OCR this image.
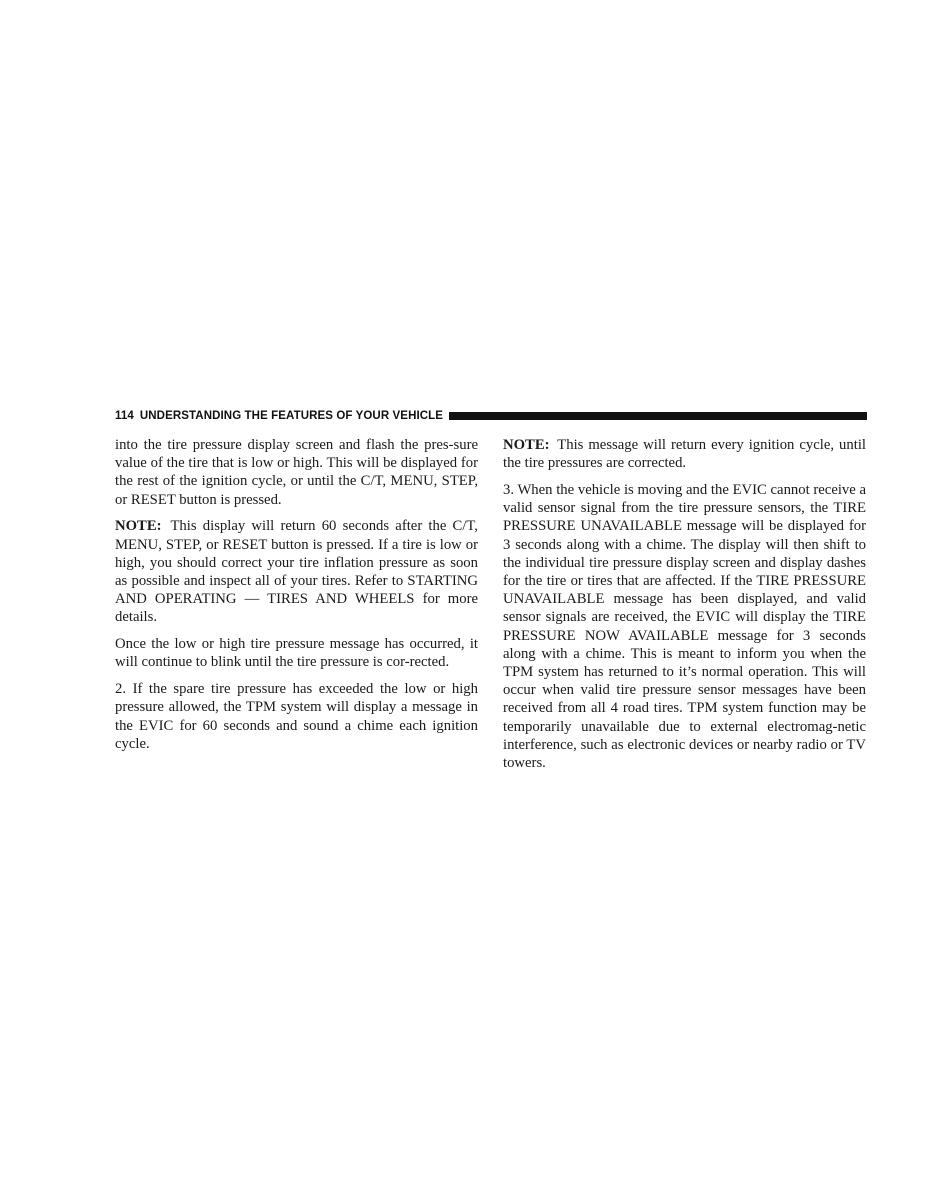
114 UNDERSTANDING THE FEATURES OF YOUR VEHICLE

into the tire pressure display screen and flash the pres-sure value of the tire that is low or high. This will be displayed for the rest of the ignition cycle, or until the C/T, MENU, STEP, or RESET button is pressed.

NOTE: This display will return 60 seconds after the C/T, MENU, STEP, or RESET button is pressed. If a tire is low or high, you should correct your tire inflation pressure as soon as possible and inspect all of your tires. Refer to STARTING AND OPERATING — TIRES AND WHEELS for more details.

Once the low or high tire pressure message has occurred, it will continue to blink until the tire pressure is cor-rected.

2. If the spare tire pressure has exceeded the low or high pressure allowed, the TPM system will display a message in the EVIC for 60 seconds and sound a chime each ignition cycle.

NOTE: This message will return every ignition cycle, until the tire pressures are corrected.

3. When the vehicle is moving and the EVIC cannot receive a valid sensor signal from the tire pressure sensors, the TIRE PRESSURE UNAVAILABLE message will be displayed for 3 seconds along with a chime. The display will then shift to the individual tire pressure display screen and display dashes for the tire or tires that are affected. If the TIRE PRESSURE UNAVAILABLE message has been displayed, and valid sensor signals are received, the EVIC will display the TIRE PRESSURE NOW AVAILABLE message for 3 seconds along with a chime. This is meant to inform you when the TPM system has returned to it’s normal operation. This will occur when valid tire pressure sensor messages have been received from all 4 road tires. TPM system function may be temporarily unavailable due to external electromag-netic interference, such as electronic devices or nearby radio or TV towers.
